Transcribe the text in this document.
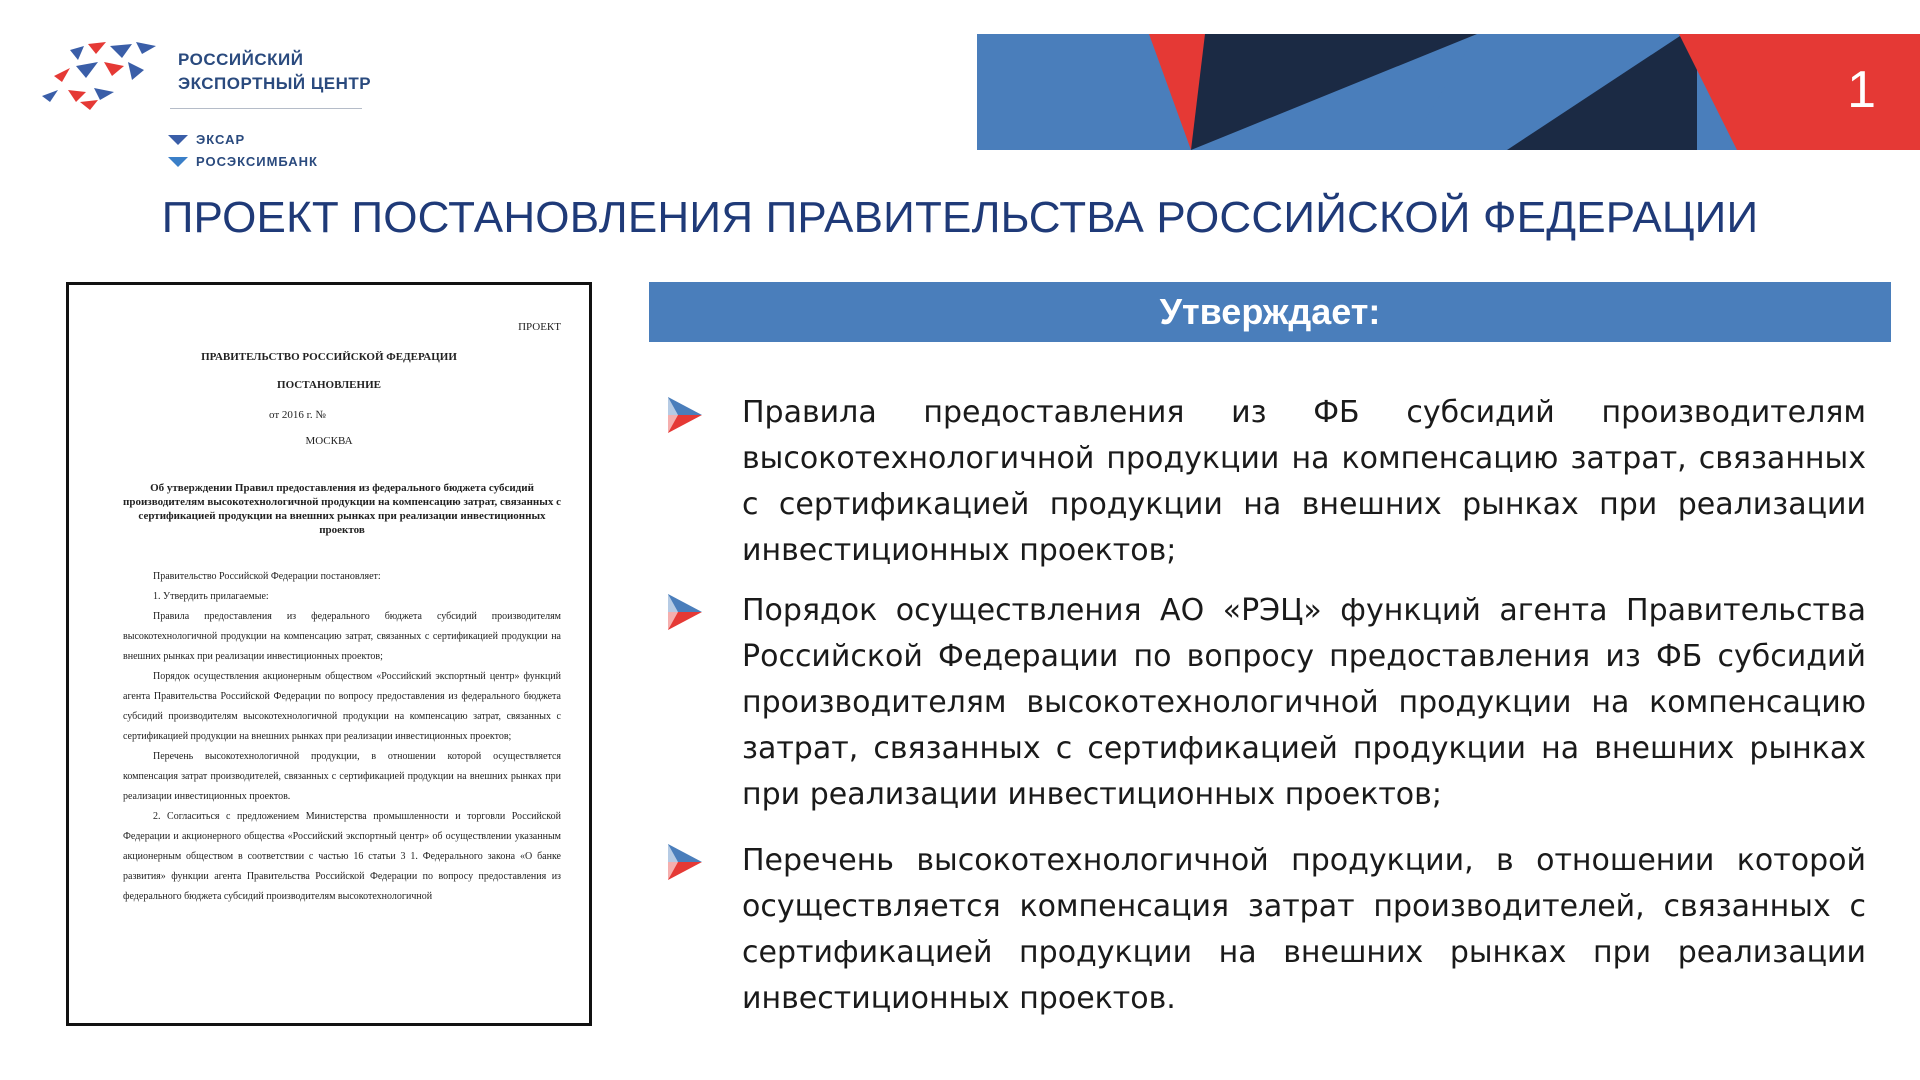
РОССИЙСКИЙ
ЭКСПОРТНЫЙ ЦЕНТР
ЭКСАР
РОСЭКСИМБАНК
1
ПРОЕКТ ПОСТАНОВЛЕНИЯ ПРАВИТЕЛЬСТВА РОССИЙСКОЙ ФЕДЕРАЦИИ
ПРОЕКТ
ПРАВИТЕЛЬСТВО РОССИЙСКОЙ ФЕДЕРАЦИИ
ПОСТАНОВЛЕНИЕ
от 2016 г. №
МОСКВА
Об утверждении Правил предоставления из федерального бюджета субсидий производителям высокотехнологичной продукции на компенсацию затрат, связанных с сертификацией продукции на внешних рынках при реализации инвестиционных проектов

Правительство Российской Федерации постановляет:

1. Утвердить прилагаемые:

Правила предоставления из федерального бюджета субсидий производителям высокотехнологичной продукции на компенсацию затрат, связанных с сертификацией продукции на внешних рынках при реализации инвестиционных проектов;

Порядок осуществления акционерным обществом «Российский экспортный центр» функций агента Правительства Российской Федерации по вопросу предоставления из федерального бюджета субсидий производителям высокотехнологичной продукции на компенсацию затрат, связанных с сертификацией продукции на внешних рынках при реализации инвестиционных проектов;

Перечень высокотехнологичной продукции, в отношении которой осуществляется компенсация затрат производителей, связанных с сертификацией продукции на внешних рынках при реализации инвестиционных проектов.

2. Согласиться с предложением Министерства промышленности и торговли Российской Федерации и акционерного общества «Российский экспортный центр» об осуществлении указанным акционерным обществом в соответствии с частью 16 статьи 3 1. Федерального закона «О банке развития» функции агента Правительства Российской Федерации по вопросу предоставления из федерального бюджета субсидий производителям высокотехнологичной

Утверждает:
Правила предоставления из ФБ субсидий производителям высокотехнологичной продукции на компенсацию затрат, связанных с сертификацией продукции на внешних рынках при реализации инвестиционных проектов;
Порядок осуществления АО «РЭЦ» функций агента Правительства Российской Федерации по вопросу предоставления из ФБ субсидий производителям высокотехнологичной продукции на компенсацию затрат, связанных с сертификацией продукции на внешних рынках при реализации инвестиционных проектов;
Перечень высокотехнологичной продукции, в отношении которой осуществляется компенсация затрат производителей, связанных с сертификацией продукции на внешних рынках при реализации инвестиционных проектов.
